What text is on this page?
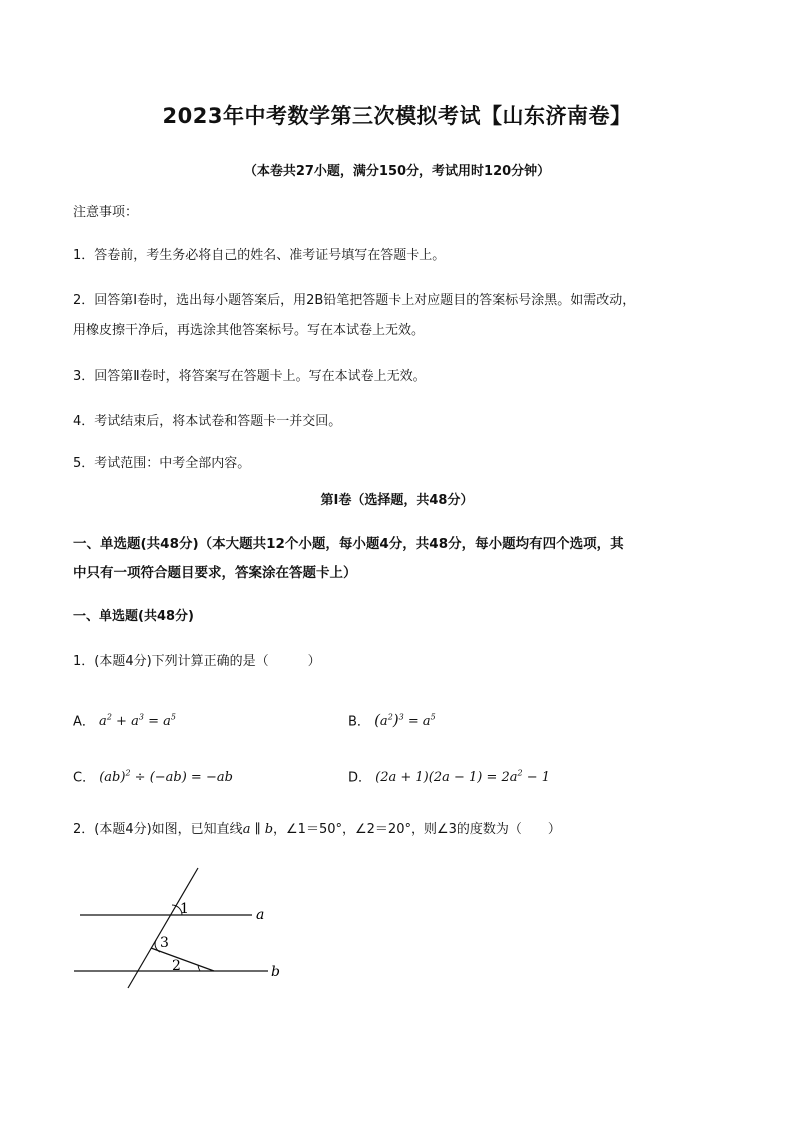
2023年中考数学第三次模拟考试【山东济南卷】
（本卷共27小题，满分150分，考试用时120分钟）
注意事项：
1．答卷前，考生务必将自己的姓名、准考证号填写在答题卡上。
2．回答第Ⅰ卷时，选出每小题答案后，用2B铅笔把答题卡上对应题目的答案标号涂黑。如需改动，
用橡皮擦干净后，再选涂其他答案标号。写在本试卷上无效。
3．回答第Ⅱ卷时，将答案写在答题卡上。写在本试卷上无效。
4．考试结束后，将本试卷和答题卡一并交回。
5．考试范围：中考全部内容。
第Ⅰ卷（选择题，共48分）
一、单选题(共48分)（本大题共12个小题，每小题4分，共48分，每小题均有四个选项，其
中只有一项符合题目要求，答案涂在答题卡上）
一、单选题(共48分)
1．(本题4分)下列计算正确的是（　　　）
A． $a^2 + a^3 = a^5$	B． $(a^2)^3 = a^5$
C． (ab)$^2$ ÷ (−ab) = −ab	D． $(2a + 1)(2a - 1) = 2a^2 - 1$
2．(本题4分)如图，已知直线a ∥ b，∠1＝50°，∠2＝20°，则∠3的度数为（　　）
1
3
2
a
b
